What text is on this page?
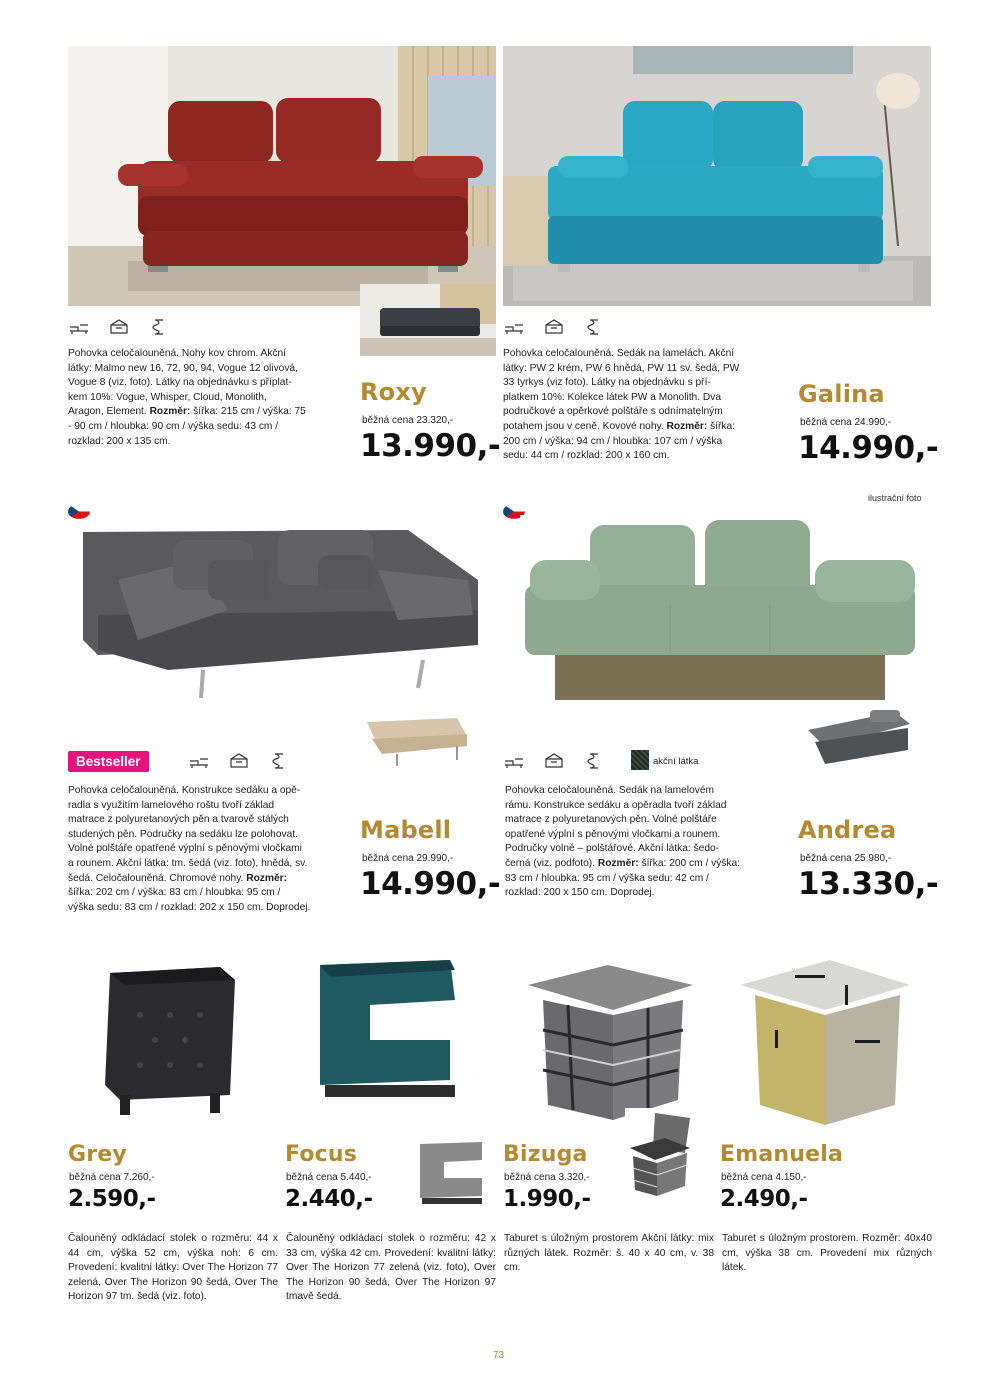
Pohovka celočalouněná. Nohy kov chrom. Akční
látky: Malmo new 16, 72, 90, 94, Vogue 12 olivová,
Vogue 8 (viz. foto). Látky na objednávku s příplat-
kem 10%: Vogue, Whisper, Cloud, Monolith,
Aragon, Element. Rozměr: šířka: 215 cm / výška: 75
- 90 cm / hloubka: 90 cm / výška sedu: 43 cm /
rozklad: 200 x 135 cm.
Roxy
běžná cena 23.320,-
13.990,-
Pohovka celočalouněná. Sedák na lamelách. Akční
látky: PW 2 krém, PW 6 hnědá, PW 11 sv. šedá, PW
33 tyrkys (viz foto). Látky na objednávku s pří-
platkem 10%: Kolekce látek PW a Monolith. Dva
područkové a opěrkové polštáře s odnímatelným
potahem jsou v ceně. Kovové nohy. Rozměr: šířka:
200 cm / výška: 94 cm / hloubka: 107 cm / výška
sedu: 44 cm / rozklad: 200 x 160 cm.
Galina
běžná cena 24.990,-
14.990,-
ilustrační foto
Bestseller	akční látka
Pohovka celočalouněná. Konstrukce sedáku a opě-
radla s využitím lamelového roštu tvoří základ
matrace z polyuretanových pěn a tvarově stálých
studených pěn. Područky na sedáku lze polohovat.
Volné polštáře opatřené výplní s pěnovými vločkami
a rounem. Akční látka: tm. šedá (viz. foto), hnědá, sv.
šedá. Celočalouněná. Chromové nohy. Rozměr:
šířka: 202 cm / výška: 83 cm / hloubka: 95 cm /
výška sedu: 83 cm / rozklad: 202 x 150 cm. Doprodej.
Mabell
běžná cena 29.990,-
14.990,-
Pohovka celočalouněná. Sedák na lamelovém
rámu. Konstrukce sedáku a opěradla tvoří základ
matrace z polyuretanových pěn. Volné polštáře
opatřené výplní s pěnovými vločkami a rounem.
Područky volné – polštářové. Akční látka: šedo-
černá (viz. podfoto). Rozměr: šířka: 200 cm / výška:
83 cm / hloubka: 95 cm / výška sedu: 42 cm /
rozklad: 200 x 150 cm. Doprodej.
Andrea
běžná cena 25.980,-
13.330,-
Grey
běžná cena 7.260,-
2.590,-
Focus
běžná cena 5.440,-
2.440,-
Bizuga
běžná cena 3.320,-
1.990,-
Emanuela
běžná cena 4.150,-
2.490,-
Čalouněný odkládací stolek o rozměru: 44 x 44 cm, výška 52 cm, výška noh: 6 cm. Provedení: kvalitní látky: Over The Horizon 77 zelená, Over The Horizon 90 šedá, Over The Horizon 97 tm. šedá (viz. foto).
Čalouněný odkládací stolek o rozměru: 42 x 33 cm, výška 42 cm. Provedení: kvalitní látky: Over The Horizon 77 zelená (viz. foto), Over The Horizon 90 šedá, Over The Horizon 97 tmavě šedá.
Taburet s úložným prostorem Akční látky: mix různých látek. Rozměr: š. 40 x 40 cm, v. 38 cm.
Taburet s úložným prostorem. Rozměr: 40x40 cm, výška 38 cm. Provedení mix různých látek.
73
